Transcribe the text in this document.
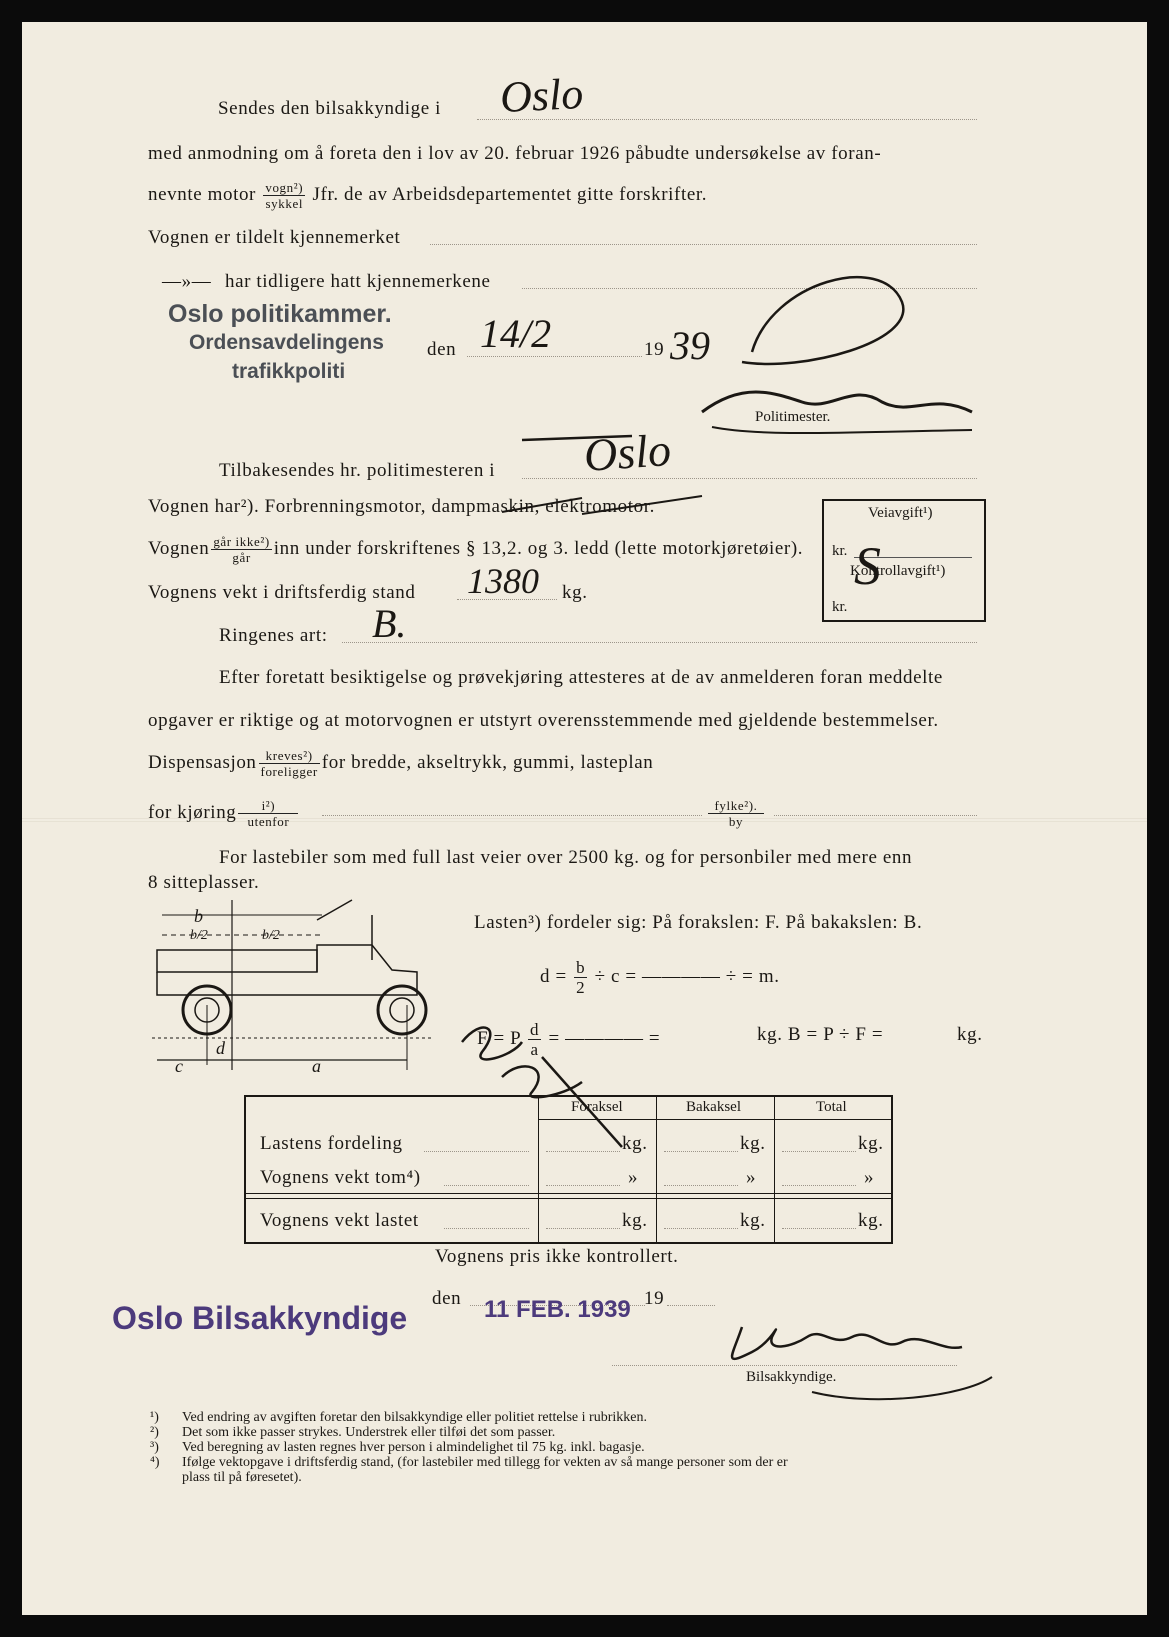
Sendes den bilsakkyndige i Oslo
med anmodning om å foreta den i lov av 20. februar 1926 påbudte undersøkelse av foran-
nevnte motor $\frac{\text{vogn²)}}{\text{sykkel}}$ Jfr. de av Arbeidsdepartementet gitte forskrifter.
Vognen er tildelt kjennemerket
—»— har tidligere hatt kjennemerkene
Oslo politikammer.
Ordensavdelingens
trafikkpoliti
den 14/2	19 39
Politimester.
Tilbakesendes hr. politimesteren i Oslo
Vognen har²). Forbrenningsmotor, dampmaskin, elektromotor.
Vognen $\frac{\text{går ikke²)}}{\text{går}}$ inn under forskriftenes § 13,2. og 3. ledd (lette motorkjøretøier).
Vognens vekt i driftsferdig stand 1380 kg.
Ringenes art: B.
Veiavgift¹)
kr.
Kontrollavgift¹)
kr.
S
Efter foretatt besiktigelse og prøvekjøring attesteres at de av anmelderen foran meddelte
opgaver er riktige og at motorvognen er utstyrt overensstemmende med gjeldende bestemmelser.
Dispensasjon $\frac{\text{kreves²)}}{\text{foreligger}}$ for bredde, akseltrykk, gummi, lasteplan
for kjøring $\frac{\text{i²)}}{\text{utenfor}}$	$\frac{\text{fylke²).}}{by}$
For lastebiler som med full last veier over 2500 kg. og for personbiler med mere enn
8 sitteplasser.
b
b/2	b/2
d
c	a
Lasten³) fordeler sig: På forakslen: F. På bakakslen: B.
$d = \frac{b}{2} \div c$ = ———— ÷ = m.
F = P $\frac{d}{a}$ = ———— =	kg. B = P ÷ F =	kg.
Foraksel	Bakaksel	Total
Lastens fordeling	kg.	kg.	kg.
Vognens vekt tom⁴)	»	»	»
Vognens vekt lastet	kg.	kg.	kg.
Vognens pris ikke kontrollert.
Oslo Bilsakkyndige
den 11 FEB. 1939 19
Bilsakkyndige.
¹) Ved endring av avgiften foretar den bilsakkyndige eller politiet rettelse i rubrikken.
²) Det som ikke passer strykes. Understrek eller tilføi det som passer.
³) Ved beregning av lasten regnes hver person i almindelighet til 75 kg. inkl. bagasje.
⁴) Ifølge vektopgave i driftsferdig stand, (for lastebiler med tillegg for vekten av så mange personer som der er
plass til på føresetet).
